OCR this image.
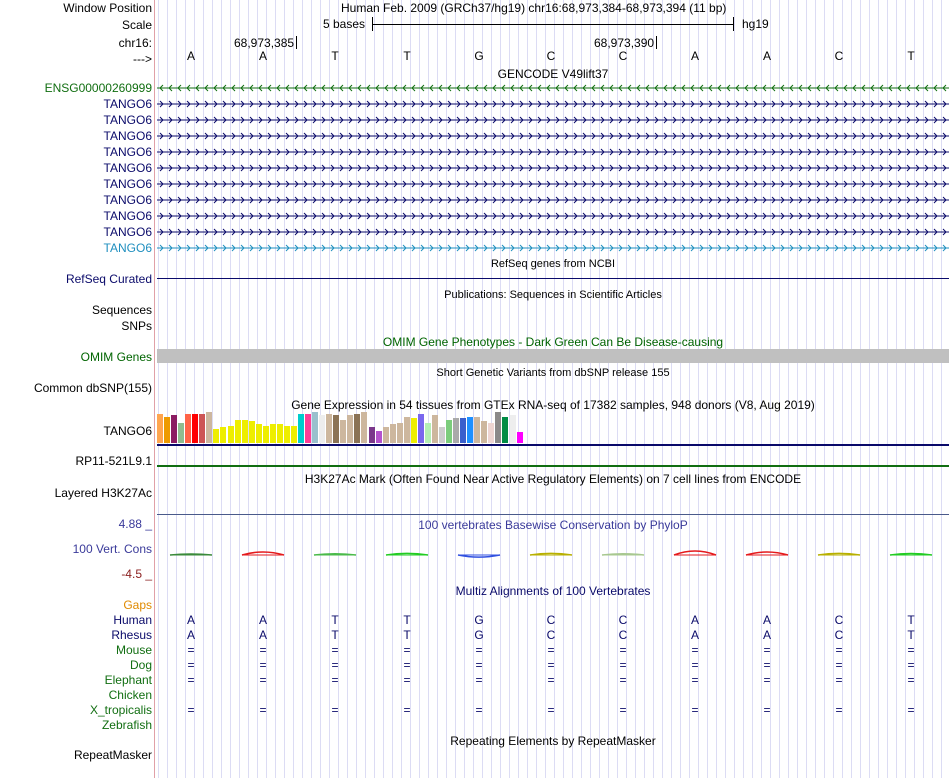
Window Position	Human Feb. 2009 (GRCh37/hg19) chr16:68,973,384-68,973,394 (11 bp)
Scale	5 bases	hg19
chr16:	68,973,385	68,973,390
--->	A	A	T	T	G	C	C	A	A	C	T
GENCODE V49lift37
ENSG00000260999
TANGO6
TANGO6
TANGO6
TANGO6
TANGO6
TANGO6
TANGO6
TANGO6
TANGO6
TANGO6
RefSeq genes from NCBI
RefSeq Curated
Publications: Sequences in Scientific Articles
Sequences
SNPs
OMIM Gene Phenotypes - Dark Green Can Be Disease-causing
OMIM Genes
Short Genetic Variants from dbSNP release 155
Common dbSNP(155)
Gene Expression in 54 tissues from GTEx RNA-seq of 17382 samples, 948 donors (V8, Aug 2019)
TANGO6
RP11-521L9.1
H3K27Ac Mark (Often Found Near Active Regulatory Elements) on 7 cell lines from ENCODE
Layered H3K27Ac
100 vertebrates Basewise Conservation by PhyloP
4.88 _
100 Vert. Cons
-4.5 _
Multiz Alignments of 100 Vertebrates
Gaps
Human	A	A	T	T	G	C	C	A	A	C	T
Rhesus	A	A	T	T	G	C	C	A	A	C	T
Mouse	=	=	=	=	=	=	=	=	=	=	=
Dog	=	=	=	=	=	=	=	=	=	=	=
Elephant	=	=	=	=	=	=	=	=	=	=	=
Chicken
X_tropicalis	=	=	=	=	=	=	=	=	=	=	=
Zebrafish
Repeating Elements by RepeatMasker
RepeatMasker
